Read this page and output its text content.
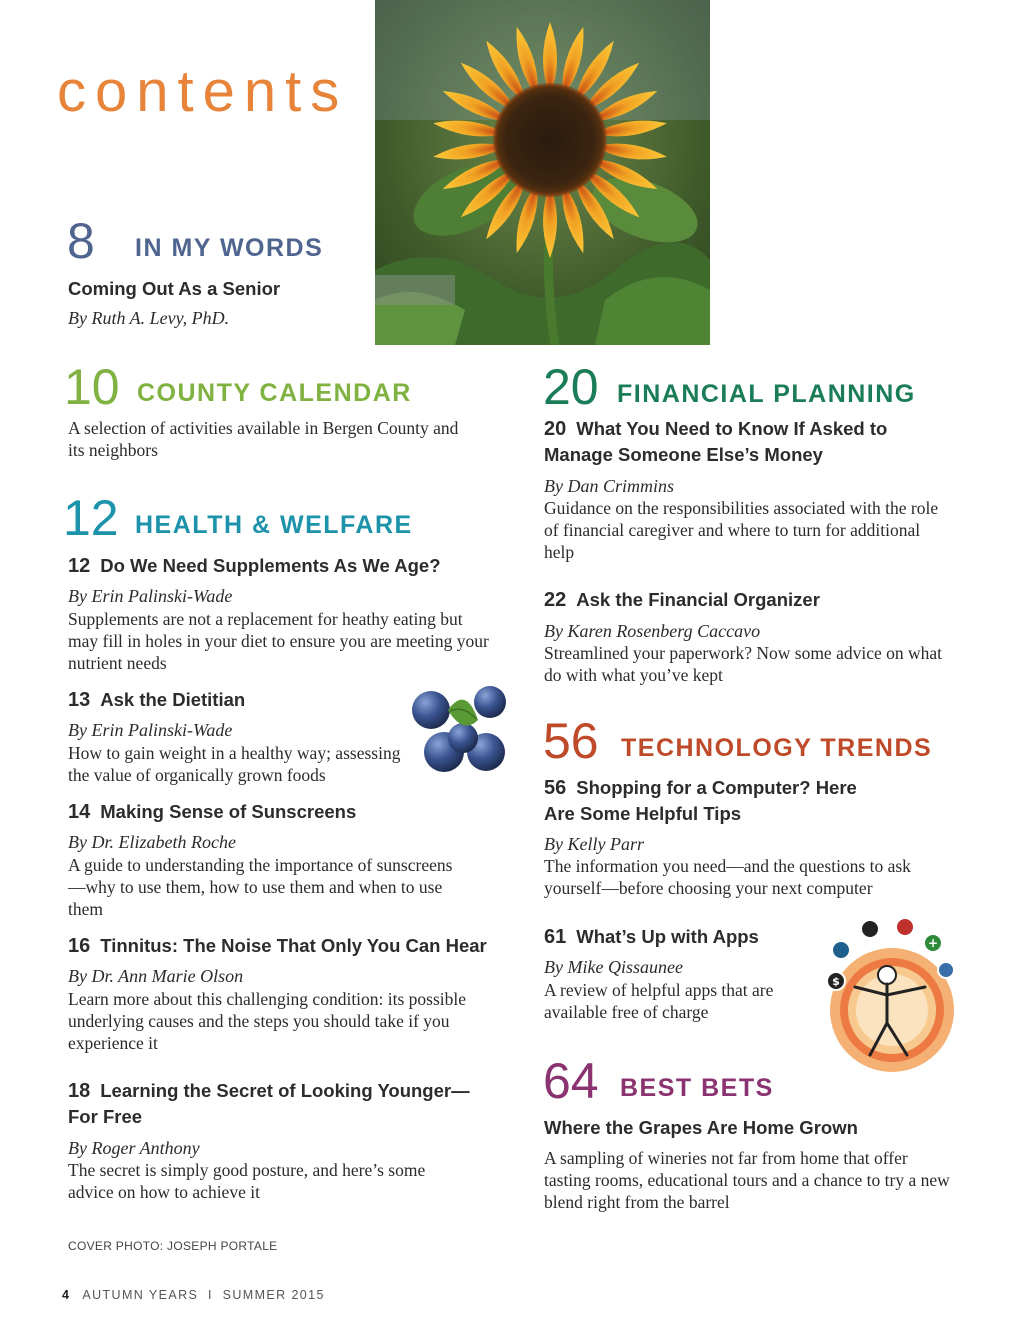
contents
8 IN MY WORDS
Coming Out As a Senior
By Ruth A. Levy, PhD.
10 COUNTY CALENDAR
A selection of activities available in Bergen County and its neighbors
12 HEALTH & WELFARE
12 Do We Need Supplements As We Age?
By Erin Palinski-Wade
Supplements are not a replacement for heathy eating but may fill in holes in your diet to ensure you are meeting your nutrient needs
13 Ask the Dietitian
By Erin Palinski-Wade
How to gain weight in a healthy way; assessing the value of organically grown foods
14 Making Sense of Sunscreens
By Dr. Elizabeth Roche
A guide to understanding the importance of sunscreens—why to use them, how to use them and when to use them
16 Tinnitus: The Noise That Only You Can Hear
By Dr. Ann Marie Olson
Learn more about this challenging condition: its possible underlying causes and the steps you should take if you experience it
18 Learning the Secret of Looking Younger—For Free
By Roger Anthony
The secret is simply good posture, and here’s some advice on how to achieve it
20 FINANCIAL PLANNING
20 What You Need to Know If Asked to Manage Someone Else’s Money
By Dan Crimmins
Guidance on the responsibilities associated with the role of financial caregiver and where to turn for additional help
22 Ask the Financial Organizer
By Karen Rosenberg Caccavo
Streamlined your paperwork? Now some advice on what do with what you’ve kept
56 TECHNOLOGY TRENDS
56 Shopping for a Computer? Here Are Some Helpful Tips
By Kelly Parr
The information you need—and the questions to ask yourself—before choosing your next computer
61 What’s Up with Apps
By Mike Qissaunee
A review of helpful apps that are available free of charge
$
+
64 BEST BETS
Where the Grapes Are Home Grown
A sampling of wineries not far from home that offer tasting rooms, educational tours and a chance to try a new blend right from the barrel
COVER PHOTO: JOSEPH PORTALE
4 AUTUMN YEARS  I  SUMMER 2015
